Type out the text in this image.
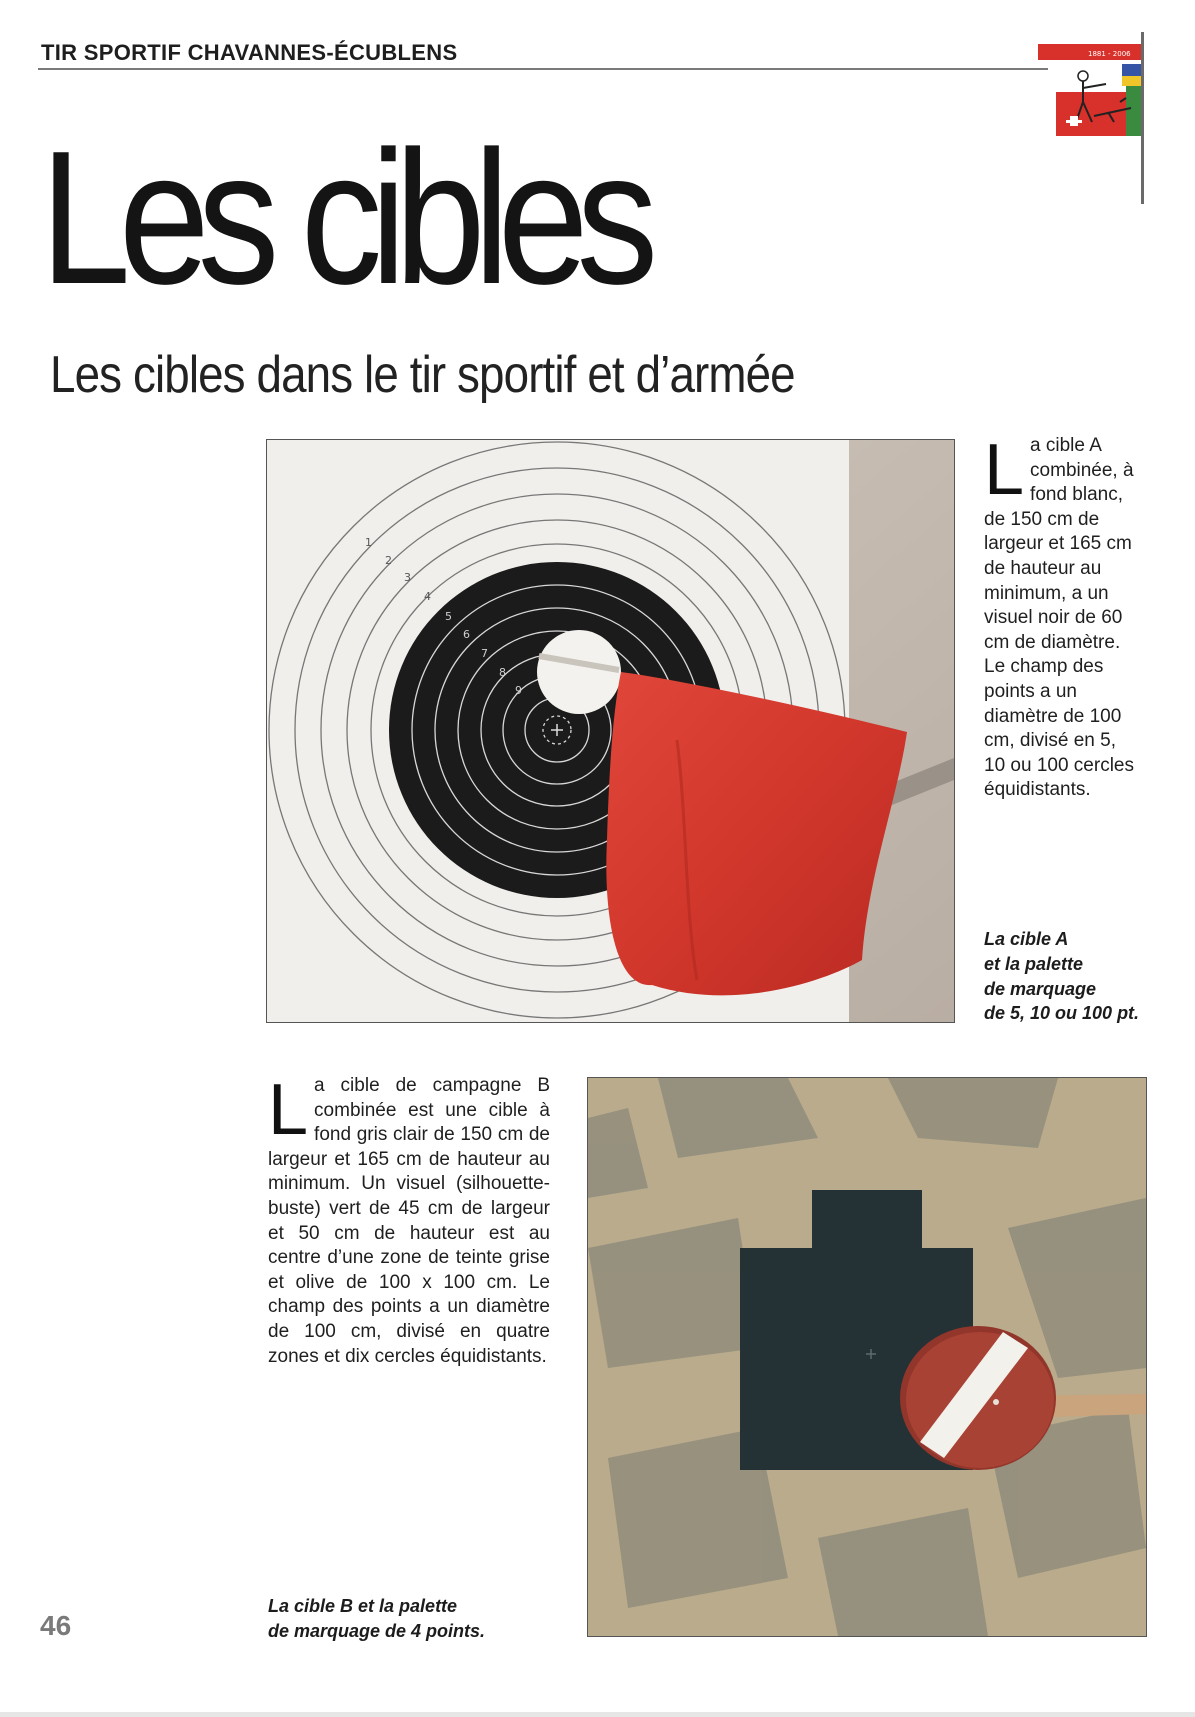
TIR SPORTIF CHAVANNES-ÉCUBLENS	1881 - 2006
Les cibles
Les cibles dans le tir sportif et d’armée
1
2
3
4
5
6
7
8
9
La cible A combinée, à fond blanc, de 150 cm de largeur et 165 cm de hauteur au minimum, a un visuel noir de 60 cm de diamètre. Le champ des points a un diamètre de 100 cm, divisé en 5, 10 ou 100 cercles équidistants.
La cible A
et la palette
de marquage
de 5, 10 ou 100 pt.
La cible de campagne B combinée est une cible à fond gris clair de 150 cm de largeur et 165 cm de hauteur au minimum. Un visuel (silhouette-buste) vert de 45 cm de largeur et 50 cm de hauteur est au centre d’une zone de teinte grise et olive de 100 x 100 cm. Le champ des points a un diamètre de 100 cm, divisé en quatre zones et dix cercles équidistants.
La cible B et la palette
de marquage de 4 points.
46
